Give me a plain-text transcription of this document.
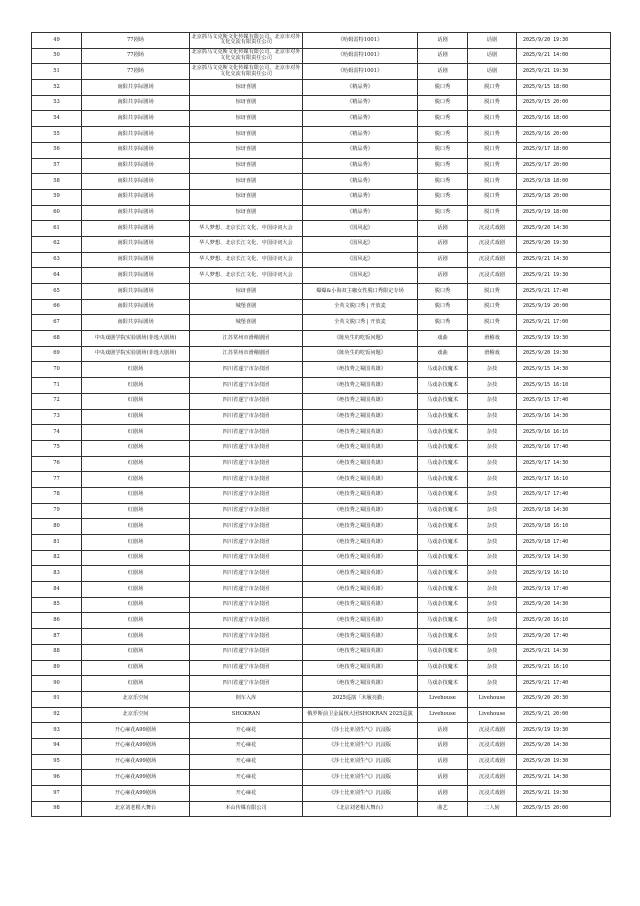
49	77剧场	北京抓马文克斯文化传媒有限公司、北京市对外文化交流有限责任公司	《哈姆雷特1001》	话剧	话剧	2025/9/20 19:30
50	77剧场	北京抓马文克斯文化传媒有限公司、北京市对外文化交流有限责任公司	《哈姆雷特1001》	话剧	话剧	2025/9/21 14:00
51	77剧场	北京抓马文克斯文化传媒有限公司、北京市对外文化交流有限责任公司	《哈姆雷特1001》	话剧	话剧	2025/9/21 19:30
52	南阳共享际剧场	惊讶喜剧	《精品秀》	脱口秀	脱口秀	2025/9/15 18:00
53	南阳共享际剧场	惊讶喜剧	《精品秀》	脱口秀	脱口秀	2025/9/15 20:00
54	南阳共享际剧场	惊讶喜剧	《精品秀》	脱口秀	脱口秀	2025/9/16 18:00
55	南阳共享际剧场	惊讶喜剧	《精品秀》	脱口秀	脱口秀	2025/9/16 20:00
56	南阳共享际剧场	惊讶喜剧	《精品秀》	脱口秀	脱口秀	2025/9/17 18:00
57	南阳共享际剧场	惊讶喜剧	《精品秀》	脱口秀	脱口秀	2025/9/17 20:00
58	南阳共享际剧场	惊讶喜剧	《精品秀》	脱口秀	脱口秀	2025/9/18 18:00
59	南阳共享际剧场	惊讶喜剧	《精品秀》	脱口秀	脱口秀	2025/9/18 20:00
60	南阳共享际剧场	惊讶喜剧	《精品秀》	脱口秀	脱口秀	2025/9/19 18:00
61	南阳共享际剧场	华人梦想、北京长江文化、中国诗词大会	《国风起》	话剧	沉浸式戏剧	2025/9/20 14:30
62	南阳共享际剧场	华人梦想、北京长江文化、中国诗词大会	《国风起》	话剧	沉浸式戏剧	2025/9/20 19:30
63	南阳共享际剧场	华人梦想、北京长江文化、中国诗词大会	《国风起》	话剧	沉浸式戏剧	2025/9/21 14:30
64	南阳共享际剧场	华人梦想、北京长江文化、中国诗词大会	《国风起》	话剧	沉浸式戏剧	2025/9/21 19:30
65	南阳共享际剧场	惊讶喜剧	爆爆&小海双主咖女性脱口秀限定专场	脱口秀	脱口秀	2025/9/21 17:40
66	南阳共享际剧场	城堡喜剧	全英文脱口秀 | 开放麦	脱口秀	脱口秀	2025/9/19 20:00
67	南阳共享际剧场	城堡喜剧	全英文脱口秀 | 开放麦	脱口秀	脱口秀	2025/9/21 17:00
68	中央戏剧学院实验剧场(菲逸大剧场)	江苏常州市滑稽剧团	《陈奂生的吃饭问题》	戏曲	滑稽戏	2025/9/19 19:30
69	中央戏剧学院实验剧场(菲逸大剧场)	江苏常州市滑稽剧团	《陈奂生的吃饭问题》	戏曲	滑稽戏	2025/9/20 19:30
70	红剧场	四川省遂宁市杂技团	《绝技秀之蜀国英雄》	马戏杂技魔术	杂技	2025/9/15 14:30
71	红剧场	四川省遂宁市杂技团	《绝技秀之蜀国英雄》	马戏杂技魔术	杂技	2025/9/15 16:10
72	红剧场	四川省遂宁市杂技团	《绝技秀之蜀国英雄》	马戏杂技魔术	杂技	2025/9/15 17:40
73	红剧场	四川省遂宁市杂技团	《绝技秀之蜀国英雄》	马戏杂技魔术	杂技	2025/9/16 14:30
74	红剧场	四川省遂宁市杂技团	《绝技秀之蜀国英雄》	马戏杂技魔术	杂技	2025/9/16 16:10
75	红剧场	四川省遂宁市杂技团	《绝技秀之蜀国英雄》	马戏杂技魔术	杂技	2025/9/16 17:40
76	红剧场	四川省遂宁市杂技团	《绝技秀之蜀国英雄》	马戏杂技魔术	杂技	2025/9/17 14:30
77	红剧场	四川省遂宁市杂技团	《绝技秀之蜀国英雄》	马戏杂技魔术	杂技	2025/9/17 16:10
78	红剧场	四川省遂宁市杂技团	《绝技秀之蜀国英雄》	马戏杂技魔术	杂技	2025/9/17 17:40
79	红剧场	四川省遂宁市杂技团	《绝技秀之蜀国英雄》	马戏杂技魔术	杂技	2025/9/18 14:30
80	红剧场	四川省遂宁市杂技团	《绝技秀之蜀国英雄》	马戏杂技魔术	杂技	2025/9/18 16:10
81	红剧场	四川省遂宁市杂技团	《绝技秀之蜀国英雄》	马戏杂技魔术	杂技	2025/9/18 17:40
82	红剧场	四川省遂宁市杂技团	《绝技秀之蜀国英雄》	马戏杂技魔术	杂技	2025/9/19 14:30
83	红剧场	四川省遂宁市杂技团	《绝技秀之蜀国英雄》	马戏杂技魔术	杂技	2025/9/19 16:10
84	红剧场	四川省遂宁市杂技团	《绝技秀之蜀国英雄》	马戏杂技魔术	杂技	2025/9/19 17:40
85	红剧场	四川省遂宁市杂技团	《绝技秀之蜀国英雄》	马戏杂技魔术	杂技	2025/9/20 14:30
86	红剧场	四川省遂宁市杂技团	《绝技秀之蜀国英雄》	马戏杂技魔术	杂技	2025/9/20 16:10
87	红剧场	四川省遂宁市杂技团	《绝技秀之蜀国英雄》	马戏杂技魔术	杂技	2025/9/20 17:40
88	红剧场	四川省遂宁市杂技团	《绝技秀之蜀国英雄》	马戏杂技魔术	杂技	2025/9/21 14:30
89	红剧场	四川省遂宁市杂技团	《绝技秀之蜀国英雄》	马戏杂技魔术	杂技	2025/9/21 16:10
90	红剧场	四川省遂宁市杂技团	《绝技秀之蜀国英雄》	马戏杂技魔术	杂技	2025/9/21 17:40
91	北京乐空间	倒车入库	2025巡演「未履亮勤」	Livehouse	Livehouse	2025/9/20 20:30
92	北京乐空间	SHOKRAN	俄罗斯前卫金属核大团SHOKRAN 2025巡演	Livehouse	Livehouse	2025/9/21 20:00
93	开心麻花A99剧场	开心麻花	《莎士比亚别生气》沉浸版	话剧	沉浸式戏剧	2025/9/19 19:30
94	开心麻花A99剧场	开心麻花	《莎士比亚别生气》沉浸版	话剧	沉浸式戏剧	2025/9/20 14:30
95	开心麻花A99剧场	开心麻花	《莎士比亚别生气》沉浸版	话剧	沉浸式戏剧	2025/9/20 19:30
96	开心麻花A99剧场	开心麻花	《莎士比亚别生气》沉浸版	话剧	沉浸式戏剧	2025/9/21 14:30
97	开心麻花A99剧场	开心麻花	《莎士比亚别生气》沉浸版	话剧	沉浸式戏剧	2025/9/21 19:30
98	北京刘老根大舞台	本山传媒有限公司	《北京刘老根大舞台》	曲艺	二人转	2025/9/15 20:00
